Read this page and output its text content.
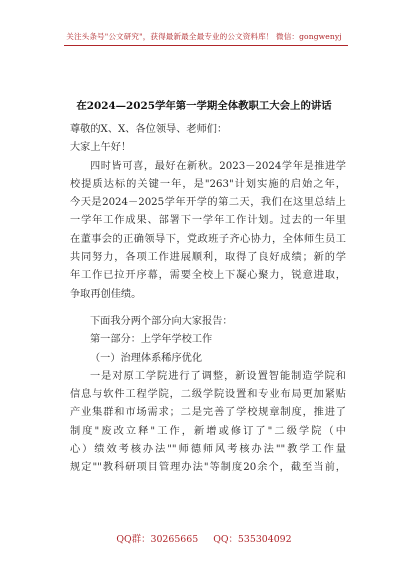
关注头条号"公文研究"，获得最新最全最专业的公文资料库！ 微信：gongwenyj
在2024—2025学年第一学期全体教职工大会上的讲话
尊敬的X、X、各位领导、老师们：
大家上午好！
四时皆可喜，最好在新秋。2023－2024学年是推进学
校提质达标的关键一年，是"263"计划实施的启始之年，
今天是2024－2025学年开学的第二天，我们在这里总结上
一学年工作成果、部署下一学年工作计划。过去的一年里
在董事会的正确领导下，党政班子齐心协力，全体师生员工
共同努力，各项工作进展顺利，取得了良好成绩；新的学
年工作已拉开序幕，需要全校上下凝心聚力，锐意进取，
争取再创佳绩。
下面我分两个部分向大家报告：
第一部分：上学年学校工作
（一）治理体系稀序优化
一是对原工学院进行了调整，新设置智能制造学院和
信息与软件工程学院，二级学院设置和专业布局更加紧贴
产业集群和市场需求；二是完善了学校规章制度，推进了
制度"废改立释"工作，新增或修订了"二级学院（中
心）绩效考核办法""师德师风考核办法""教学工作量
规定""教科研项目管理办法"等制度20余个，截至当前，
QQ群：30265665 QQ：535304092
